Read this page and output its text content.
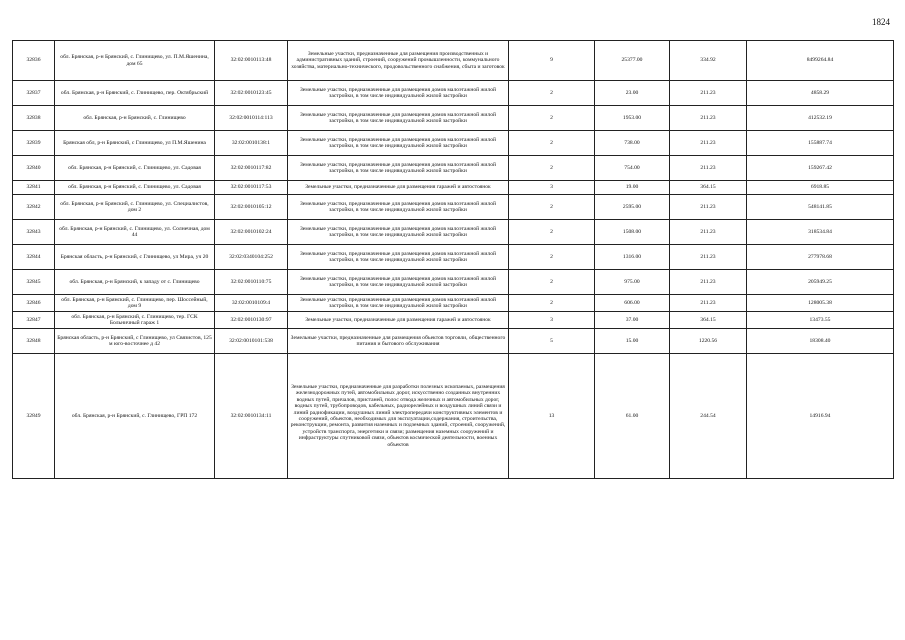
1824
32836	обл. Брянская, р-н Брянский, с. Глинищево, ул. П.М.Яшенина, дом 65	32:02:0010113:48	Земельные участки, предназначенные для размещения производственных и административных зданий, строений, сооружений промышленности, коммунального хозяйства, материально-технического, продовольственного снабжения, сбыта и заготовок	9	25377.00	334.92	8499264.84
32837	обл. Брянская, р-н Брянский, с. Глинищево, пер. Октябрьский	32:02:0010123:45	Земельные участки, предназначенные для размещения домов малоэтажной жилой застройки, в том числе индивидуальной жилой застройки	2	23.00	211.23	4858.29
32838	обл. Брянская, р-н Брянский, с. Глинищево	32:02:0010114:113	Земельные участки, предназначенные для размещения домов малоэтажной жилой застройки, в том числе индивидуальной жилой застройки	2	1953.00	211.23	412532.19
32839	Брянская обл, р-н Брянский, с Глинищево, ул П.М.Яшенина	32:02:0010138:1	Земельные участки, предназначенные для размещения домов малоэтажной жилой застройки, в том числе индивидуальной жилой застройки	2	738.00	211.23	155887.74
32840	обл. Брянская, р-н Брянский, с. Глинищево, ул. Садовая	32:02:0010117:82	Земельные участки, предназначенные для размещения домов малоэтажной жилой застройки, в том числе индивидуальной жилой застройки	2	754.00	211.23	159267.42
32841	обл. Брянская, р-н Брянский, с. Глинищево, ул. Садовая	32:02:0010117:53	Земельные участки, предназначенные для размещения гаражей и автостоянок	3	19.00	364.15	6918.85
32842	обл. Брянская, р-н Брянский, с. Глинищево, ул. Специалистов, дом 2	32:02:0010105:12	Земельные участки, предназначенные для размещения домов малоэтажной жилой застройки, в том числе индивидуальной жилой застройки	2	2595.00	211.23	548141.85
32843	обл. Брянская, р-н Брянский, с. Глинищево, ул. Солнечная, дом 44	32:02:0010102:24	Земельные участки, предназначенные для размещения домов малоэтажной жилой застройки, в том числе индивидуальной жилой застройки	2	1508.00	211.23	318534.84
32844	Брянская область, р-н Брянский, с Глинищево, ул Мира, уч 20	32:02:0340104:252	Земельные участки, предназначенные для размещения домов малоэтажной жилой застройки, в том числе индивидуальной жилой застройки	2	1316.00	211.23	277978.68
32845	обл. Брянская, р-н Брянский, к западу от с. Глинищево	32:02:0010110:75	Земельные участки, предназначенные для размещения домов малоэтажной жилой застройки, в том числе индивидуальной жилой застройки	2	975.00	211.23	205949.25
32846	обл. Брянская, р-н Брянский, с. Глинищево, пер. Шоссейный, дом 9	32:02:0010109:4	Земельные участки, предназначенные для размещения домов малоэтажной жилой застройки, в том числе индивидуальной жилой застройки	2	606.00	211.23	128005.38
32847	обл. Брянская, р-н Брянский, с. Глинищево, тер. ГСК Больничный гараж 1	32:02:0010130:97	Земельные участки, предназначенные для размещения гаражей и автостоянок	3	37.00	364.15	13473.55
32848	Брянская область, р-н Брянский, с Глинищево, ул Связистов, 125 м юго-восточнее д 42	32:02:0010101:538	Земельные участки, предназначенные для размещения объектов торговли, общественного питания и бытового обслуживания	5	15.00	1220.56	18308.40
32849	обл. Брянская, р-н Брянский, с. Глинищево, ГРП 172	32:02:0010134:11	Земельные участки, предназначенные для разработки полезных ископаемых, размещения железнодорожных путей, автомобильных дорог, искусственно созданных внутренних водных путей, причалов, пристаней, полос отвода железных и автомобильных дорог, водных путей, трубопроводов, кабельных, радиорелейных и воздушных линий связи и линий радиофикации, воздушных линий электропередачи конструктивных элементов и сооружений, объектов, необходимых для эксплуатации,содержания, строительства, реконструкции, ремонта, развития наземных и подземных зданий, строений, сооружений, устройств транспорта, энергетики и связи; размещения наземных сооружений и инфраструктуры спутниковой связи, объектов космической деятельности, военных объектов	13	61.00	244.54	14916.94
